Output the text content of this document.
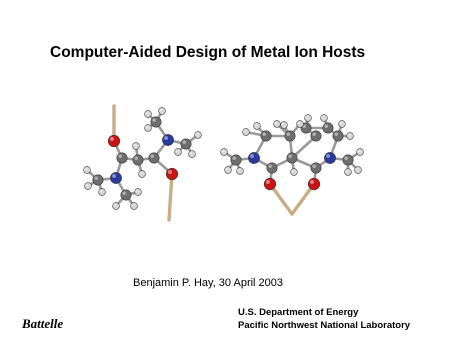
Computer-Aided Design of Metal Ion Hosts
Benjamin P. Hay, 30 April 2003
Battelle
U.S. Department of Energy
Pacific Northwest National Laboratory
